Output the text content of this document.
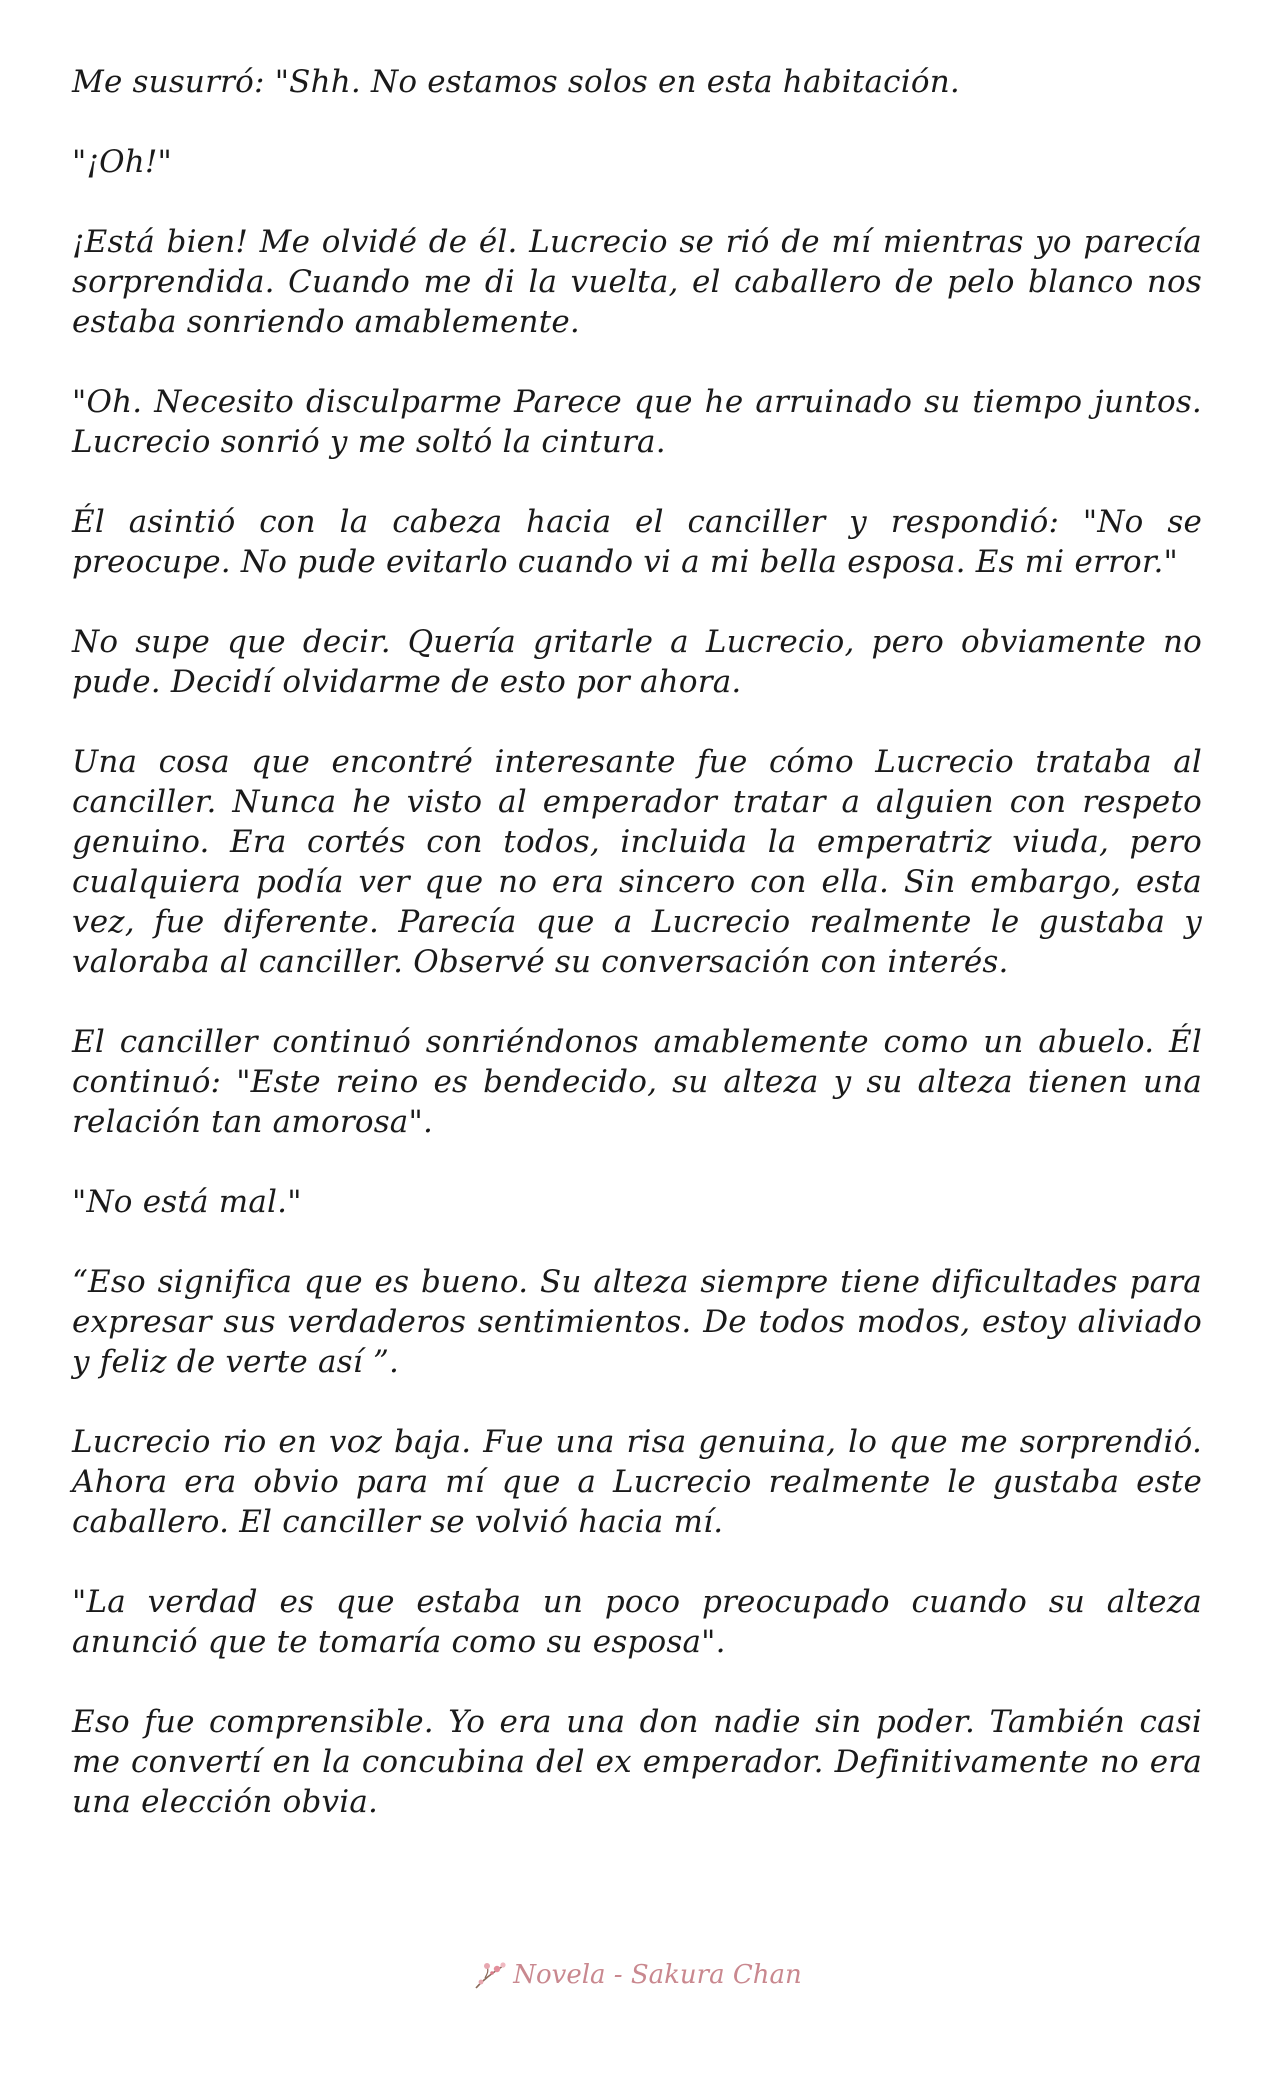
Me susurró: "Shh. No estamos solos en esta habitación.

"¡Oh!"

¡Está bien! Me olvidé de él. Lucrecio se rió de mí mientras yo parecía sorprendida. Cuando me di la vuelta, el caballero de pelo blanco nos estaba sonriendo amablemente.

"Oh. Necesito disculparme Parece que he arruinado su tiempo juntos. Lucrecio sonrió y me soltó la cintura.

Él asintió con la cabeza hacia el canciller y respondió: "No se preocupe. No pude evitarlo cuando vi a mi bella esposa. Es mi error."

No supe que decir. Quería gritarle a Lucrecio, pero obviamente no pude. Decidí olvidarme de esto por ahora.

Una cosa que encontré interesante fue cómo Lucrecio trataba al canciller. Nunca he visto al emperador tratar a alguien con respeto genuino. Era cortés con todos, incluida la emperatriz viuda, pero cualquiera podía ver que no era sincero con ella. Sin embargo, esta vez, fue diferente. Parecía que a Lucrecio realmente le gustaba y valoraba al canciller. Observé su conversación con interés.

El canciller continuó sonriéndonos amablemente como un abuelo. Él continuó: "Este reino es bendecido, su alteza y su alteza tienen una relación tan amorosa".

"No está mal."

“Eso significa que es bueno. Su alteza siempre tiene dificultades para expresar sus verdaderos sentimientos. De todos modos, estoy aliviado y feliz de verte así ”.

Lucrecio rio en voz baja. Fue una risa genuina, lo que me sorprendió. Ahora era obvio para mí que a Lucrecio realmente le gustaba este caballero. El canciller se volvió hacia mí.

"La verdad es que estaba un poco preocupado cuando su alteza anunció que te tomaría como su esposa".

Eso fue comprensible. Yo era una don nadie sin poder. También casi me convertí en la concubina del ex emperador. Definitivamente no era una elección obvia.

Novela - Sakura Chan
